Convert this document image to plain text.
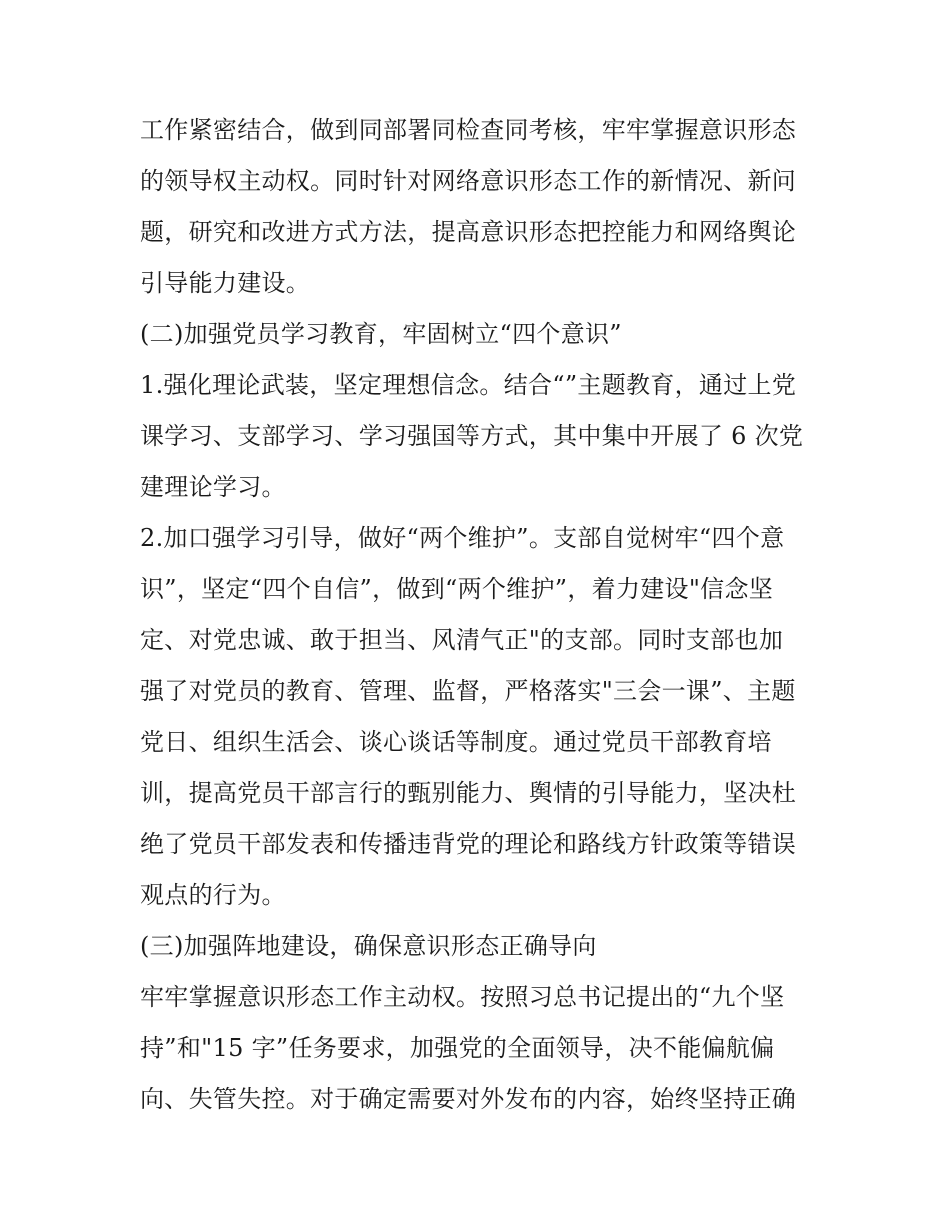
工作紧密结合，做到同部署同检查同考核，牢牢掌握意识形态
的领导权主动权。同时针对网络意识形态工作的新情况、新问
题，研究和改进方式方法，提高意识形态把控能力和网络舆论
引导能力建设。
(二)加强党员学习教育，牢固树立“四个意识”
1.强化理论武装，坚定理想信念。结合“”主题教育，通过上党
课学习、支部学习、学习强国等方式，其中集中开展了 6 次党
建理论学习。
2.加口强学习引导，做好“两个维护”。支部自觉树牢“四个意
识”，坚定“四个自信”，做到“两个维护”，着力建设"信念坚
定、对党忠诚、敢于担当、风清气正"的支部。同时支部也加
强了对党员的教育、管理、监督，严格落实"三会一课”、主题
党日、组织生活会、谈心谈话等制度。通过党员干部教育培
训，提高党员干部言行的甄别能力、舆情的引导能力，坚决杜
绝了党员干部发表和传播违背党的理论和路线方针政策等错误
观点的行为。
(三)加强阵地建设，确保意识形态正确导向
牢牢掌握意识形态工作主动权。按照习总书记提出的“九个坚
持”和"15 字”任务要求，加强党的全面领导，决不能偏航偏
向、失管失控。对于确定需要对外发布的内容，始终坚持正确
